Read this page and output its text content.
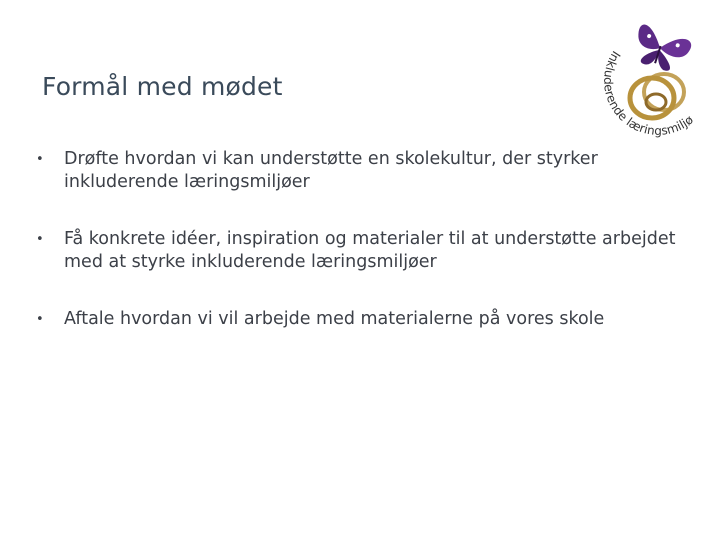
Formål med mødet
• Drøfte hvordan vi kan understøtte en skolekultur, der styrker inkluderende læringsmiljøer
• Få konkrete idéer, inspiration og materialer til at understøtte arbejdet med at styrke inkluderende læringsmiljøer
• Aftale hvordan vi vil arbejde med materialerne på vores skole
Inkluderende læringsmiljø
